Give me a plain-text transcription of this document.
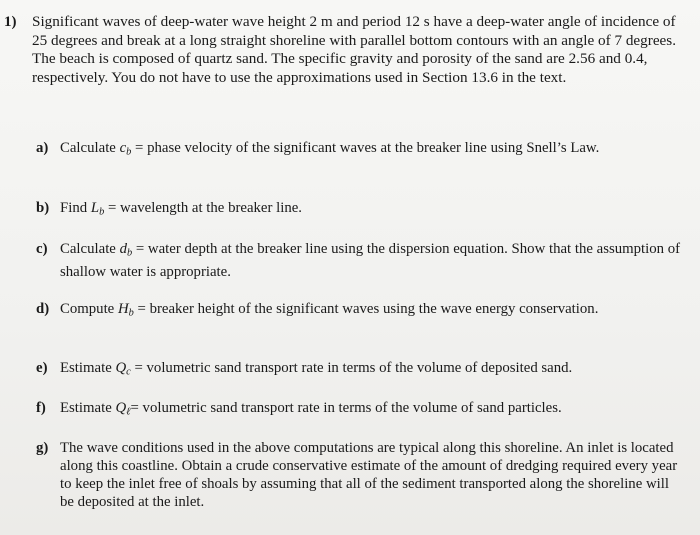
1)	Significant waves of deep-water wave height 2 m and period 12 s have a deep-water angle of incidence of 25 degrees and break at a long straight shoreline with parallel bottom contours with an angle of 7 degrees. The beach is composed of quartz sand. The specific gravity and porosity of the sand are 2.56 and 0.4, respectively. You do not have to use the approximations used in Section 13.6 in the text.
a) Calculate $c_b$ = phase velocity of the significant waves at the breaker line using Snell’s Law.
b) Find $L_b$ = wavelength at the breaker line.
c) Calculate $d_b$ = water depth at the breaker line using the dispersion equation. Show that the assumption of shallow water is appropriate.
d) Compute $H_b$ = breaker height of the significant waves using the wave energy conservation.
e) Estimate $Q_c$ = volumetric sand transport rate in terms of the volume of deposited sand.
f) Estimate $Q_\ell=$ volumetric sand transport rate in terms of the volume of sand particles.
g) The wave conditions used in the above computations are typical along this shoreline. An inlet is located along this coastline. Obtain a crude conservative estimate of the amount of dredging required every year to keep the inlet free of shoals by assuming that all of the sediment transported along the shoreline will be deposited at the inlet.
